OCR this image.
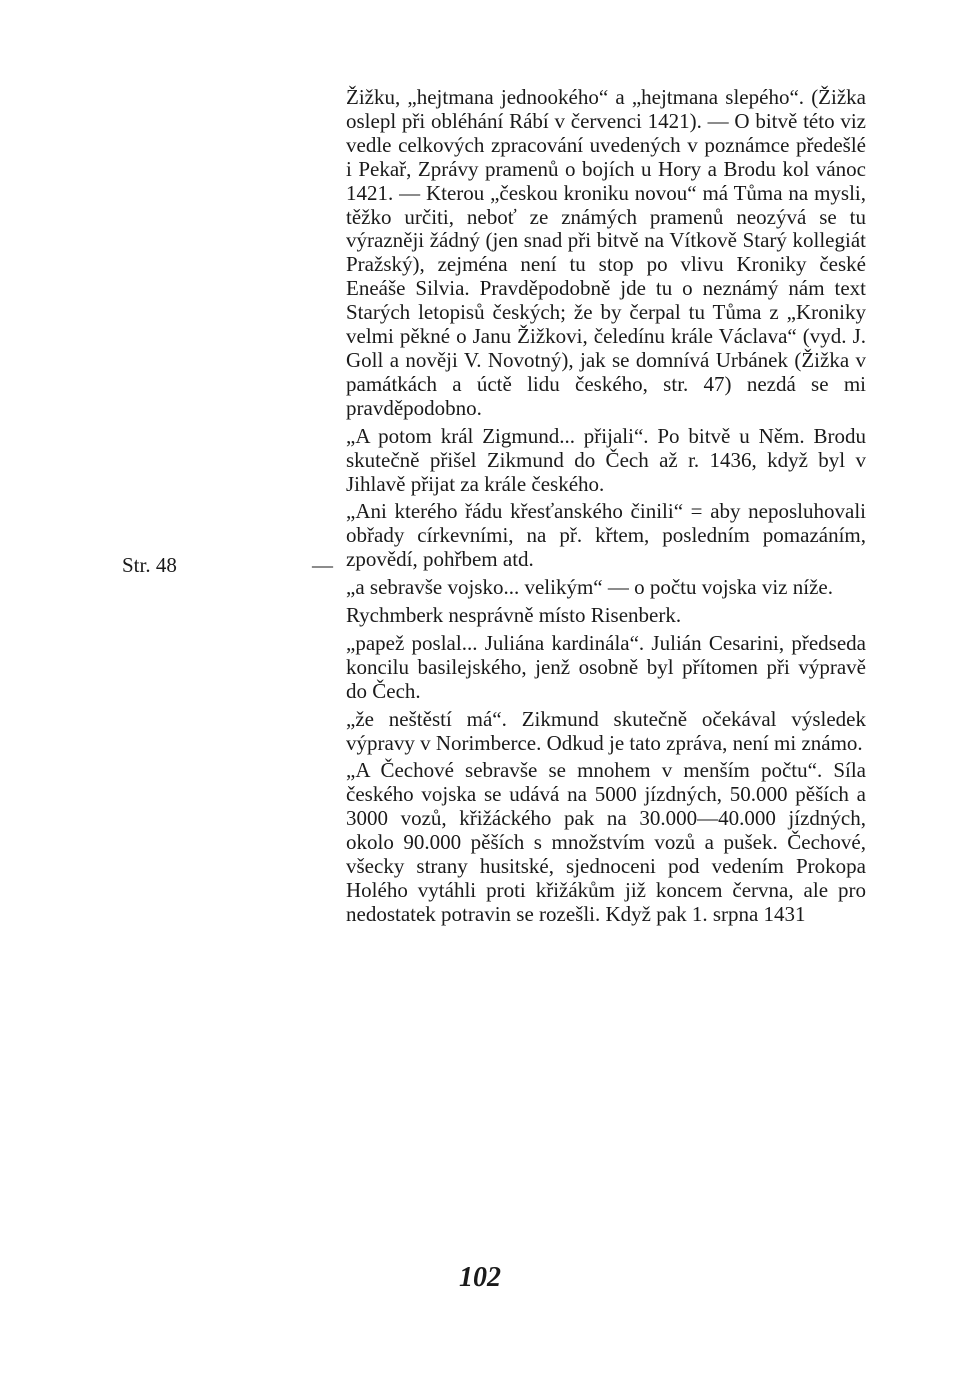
Str. 48	—
Žižku, „hejtmana jednookého“ a „hejtmana slepého“. (Žižka oslepl při obléhání Rábí v červenci 1421). — O bitvě této viz vedle celkových zpracování uvedených v poznámce předešlé i Pekař, Zprávy pramenů o bojích u Hory a Brodu kol vánoc 1421. — Kterou „českou kroniku novou“ má Tůma na mysli, těžko určiti, neboť ze známých pramenů neozývá se tu výrazněji žádný (jen snad při bitvě na Vítkově Starý kollegiát Pražský), zejména není tu stop po vlivu Kroniky české Eneáše Silvia. Pravděpodobně jde tu o neznámý nám text Starých letopisů českých; že by čerpal tu Tůma z „Kroniky velmi pěkné o Janu Žižkovi, čeledínu krále Václava“ (vyd. J. Goll a nověji V. Novotný), jak se domnívá Urbánek (Žižka v památkách a úctě lidu českého, str. 47) nezdá se mi pravděpodobno.
„A potom král Zigmund... přijali“. Po bitvě u Něm. Brodu skutečně přišel Zikmund do Čech až r. 1436, když byl v Jihlavě přijat za krále českého.
„Ani kterého řádu křesťanského činili“ = aby neposluhovali obřady církevními, na př. křtem, posledním pomazáním, zpovědí, pohřbem atd.
„a sebravše vojsko... velikým“ — o počtu vojska viz níže.
Rychmberk nesprávně místo Risenberk.
„papež poslal... Juliána kardinála“. Julián Cesarini, předseda koncilu basilejského, jenž osobně byl přítomen při výpravě do Čech.
„že neštěstí má“. Zikmund skutečně očekával výsledek výpravy v Norimberce. Odkud je tato zpráva, není mi známo.
„A Čechové sebravše se mnohem v menším počtu“. Síla českého vojska se udává na 5000 jízdných, 50.000 pěších a 3000 vozů, křižáckého pak na 30.000—40.000 jízdných, okolo 90.000 pěších s množstvím vozů a pušek. Čechové, všecky strany husitské, sjednoceni pod vedením Prokopa Holého vytáhli proti křižákům již koncem června, ale pro nedostatek potravin se rozešli. Když pak 1. srpna 1431
102
